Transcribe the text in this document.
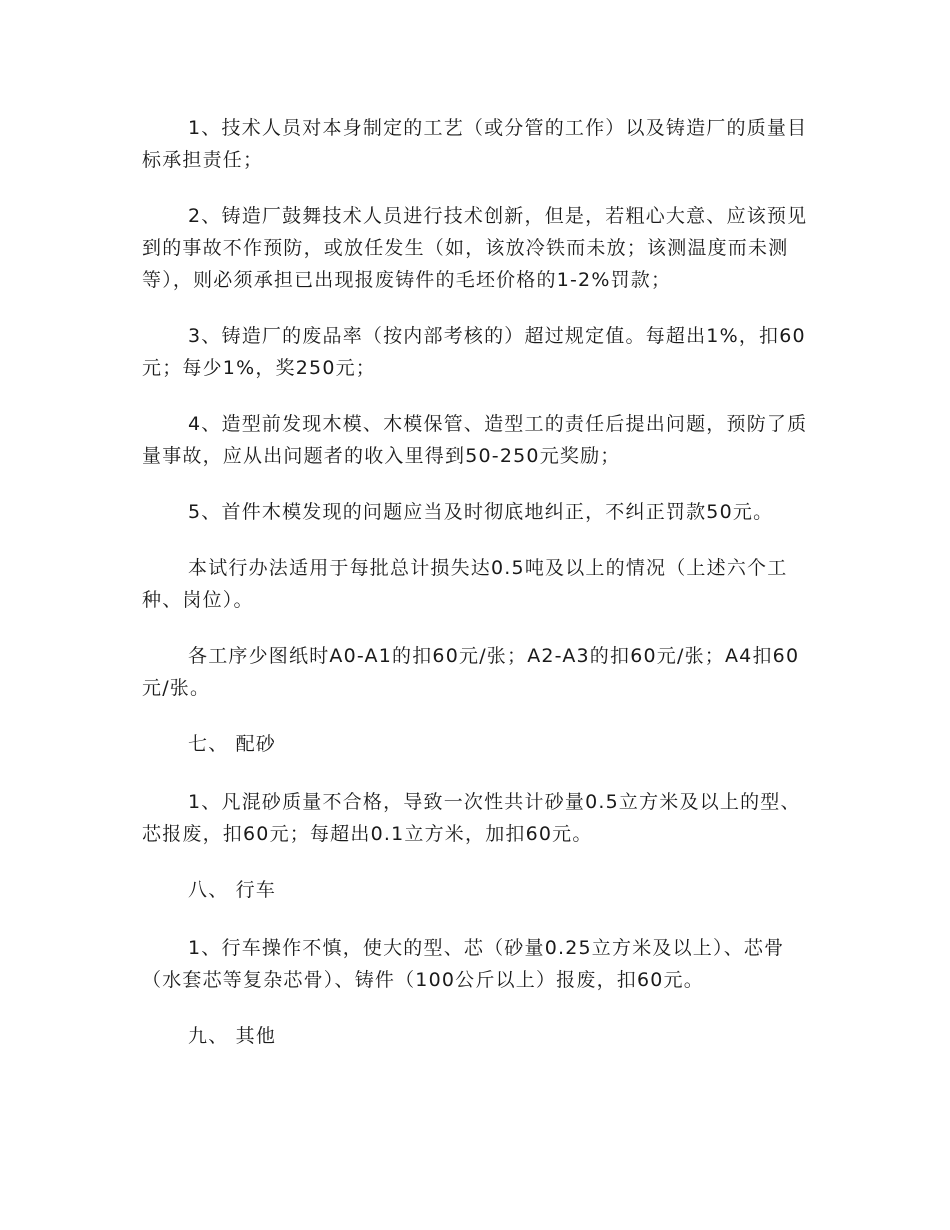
1、技术人员对本身制定的工艺（或分管的工作）以及铸造厂的质量目标承担责任；

2、铸造厂鼓舞技术人员进行技术创新，但是，若粗心大意、应该预见到的事故不作预防，或放任发生（如，该放冷铁而未放；该测温度而未测等），则必须承担已出现报废铸件的毛坯价格的1-2%罚款；

3、铸造厂的废品率（按内部考核的）超过规定值。每超出1%，扣60元；每少1%，奖250元；

4、造型前发现木模、木模保管、造型工的责任后提出问题，预防了质量事故，应从出问题者的收入里得到50-250元奖励；

5、首件木模发现的问题应当及时彻底地纠正，不纠正罚款50元。

本试行办法适用于每批总计损失达0.5吨及以上的情况（上述六个工种、岗位）。

各工序少图纸时A0-A1的扣60元/张；A2-A3的扣60元/张；A4扣60元/张。

七、 配砂

1、凡混砂质量不合格，导致一次性共计砂量0.5立方米及以上的型、芯报废，扣60元；每超出0.1立方米，加扣60元。

八、 行车

1、行车操作不慎，使大的型、芯（砂量0.25立方米及以上）、芯骨（水套芯等复杂芯骨）、铸件（100公斤以上）报废，扣60元。

九、 其他
